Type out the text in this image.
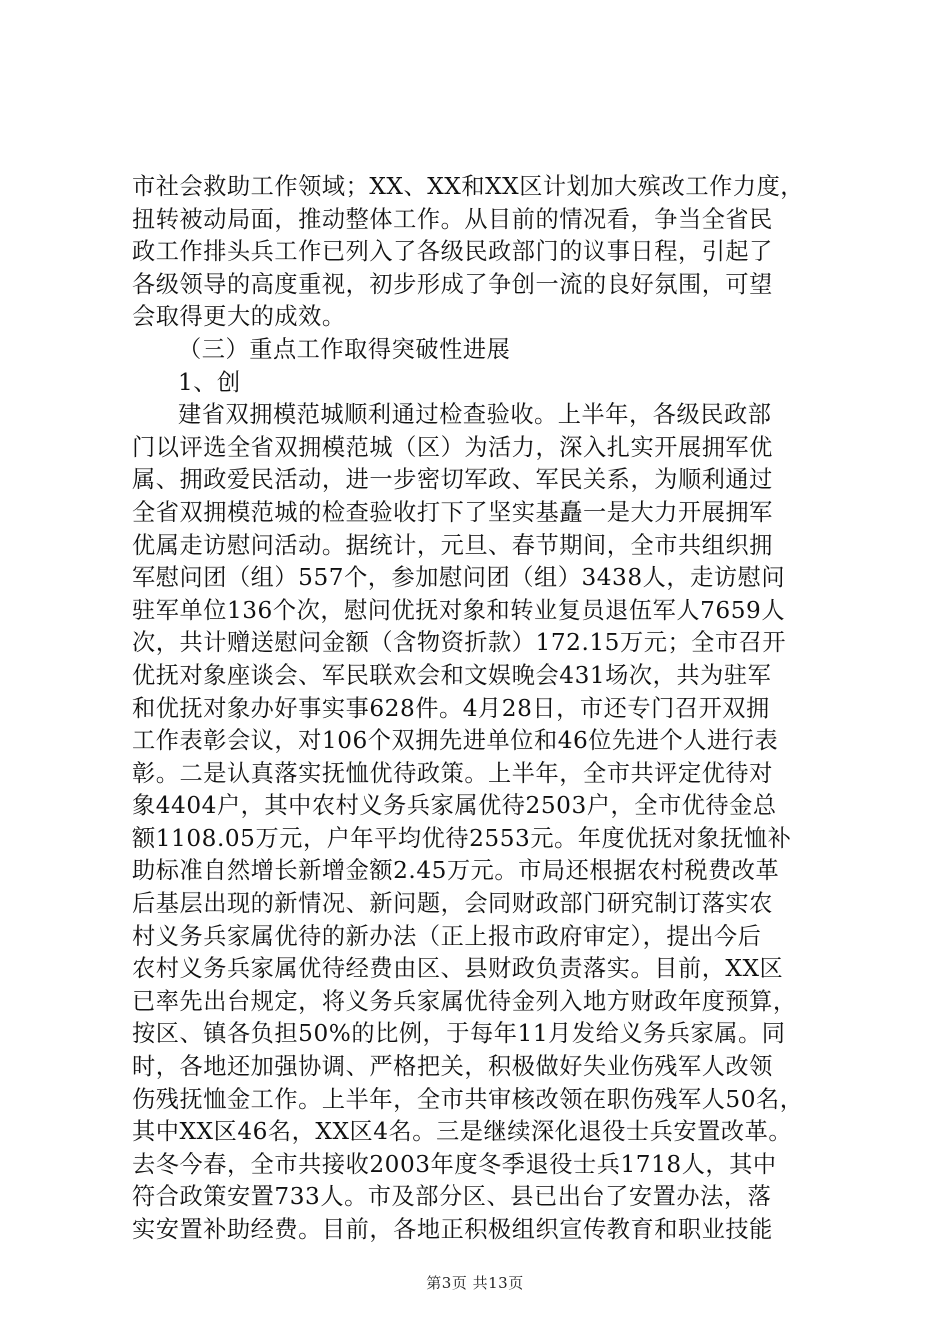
市社会救助工作领域；XX、XX和XX区计划加大殡改工作力度，
扭转被动局面，推动整体工作。从目前的情况看，争当全省民
政工作排头兵工作已列入了各级民政部门的议事日程，引起了
各级领导的高度重视，初步形成了争创一流的良好氛围，可望
会取得更大的成效。
（三）重点工作取得突破性进展
1、创
建省双拥模范城顺利通过检查验收。上半年，各级民政部
门以评选全省双拥模范城（区）为活力，深入扎实开展拥军优
属、拥政爱民活动，进一步密切军政、军民关系，为顺利通过
全省双拥模范城的检查验收打下了坚实基矗一是大力开展拥军
优属走访慰问活动。据统计，元旦、春节期间，全市共组织拥
军慰问团（组）557个，参加慰问团（组）3438人，走访慰问
驻军单位136个次，慰问优抚对象和转业复员退伍军人7659人
次，共计赠送慰问金额（含物资折款）172.15万元；全市召开
优抚对象座谈会、军民联欢会和文娱晚会431场次，共为驻军
和优抚对象办好事实事628件。4月28日，市还专门召开双拥
工作表彰会议，对106个双拥先进单位和46位先进个人进行表
彰。二是认真落实抚恤优待政策。上半年，全市共评定优待对
象4404户，其中农村义务兵家属优待2503户，全市优待金总
额1108.05万元，户年平均优待2553元。年度优抚对象抚恤补
助标准自然增长新增金额2.45万元。市局还根据农村税费改革
后基层出现的新情况、新问题，会同财政部门研究制订落实农
村义务兵家属优待的新办法（正上报市政府审定），提出今后
农村义务兵家属优待经费由区、县财政负责落实。目前，XX区
已率先出台规定，将义务兵家属优待金列入地方财政年度预算，
按区、镇各负担50%的比例，于每年11月发给义务兵家属。同
时，各地还加强协调、严格把关，积极做好失业伤残军人改领
伤残抚恤金工作。上半年，全市共审核改领在职伤残军人50名，
其中XX区46名，XX区4名。三是继续深化退役士兵安置改革。
去冬今春，全市共接收2003年度冬季退役士兵1718人，其中
符合政策安置733人。市及部分区、县已出台了安置办法，落
实安置补助经费。目前，各地正积极组织宣传教育和职业技能
第3页 共13页
